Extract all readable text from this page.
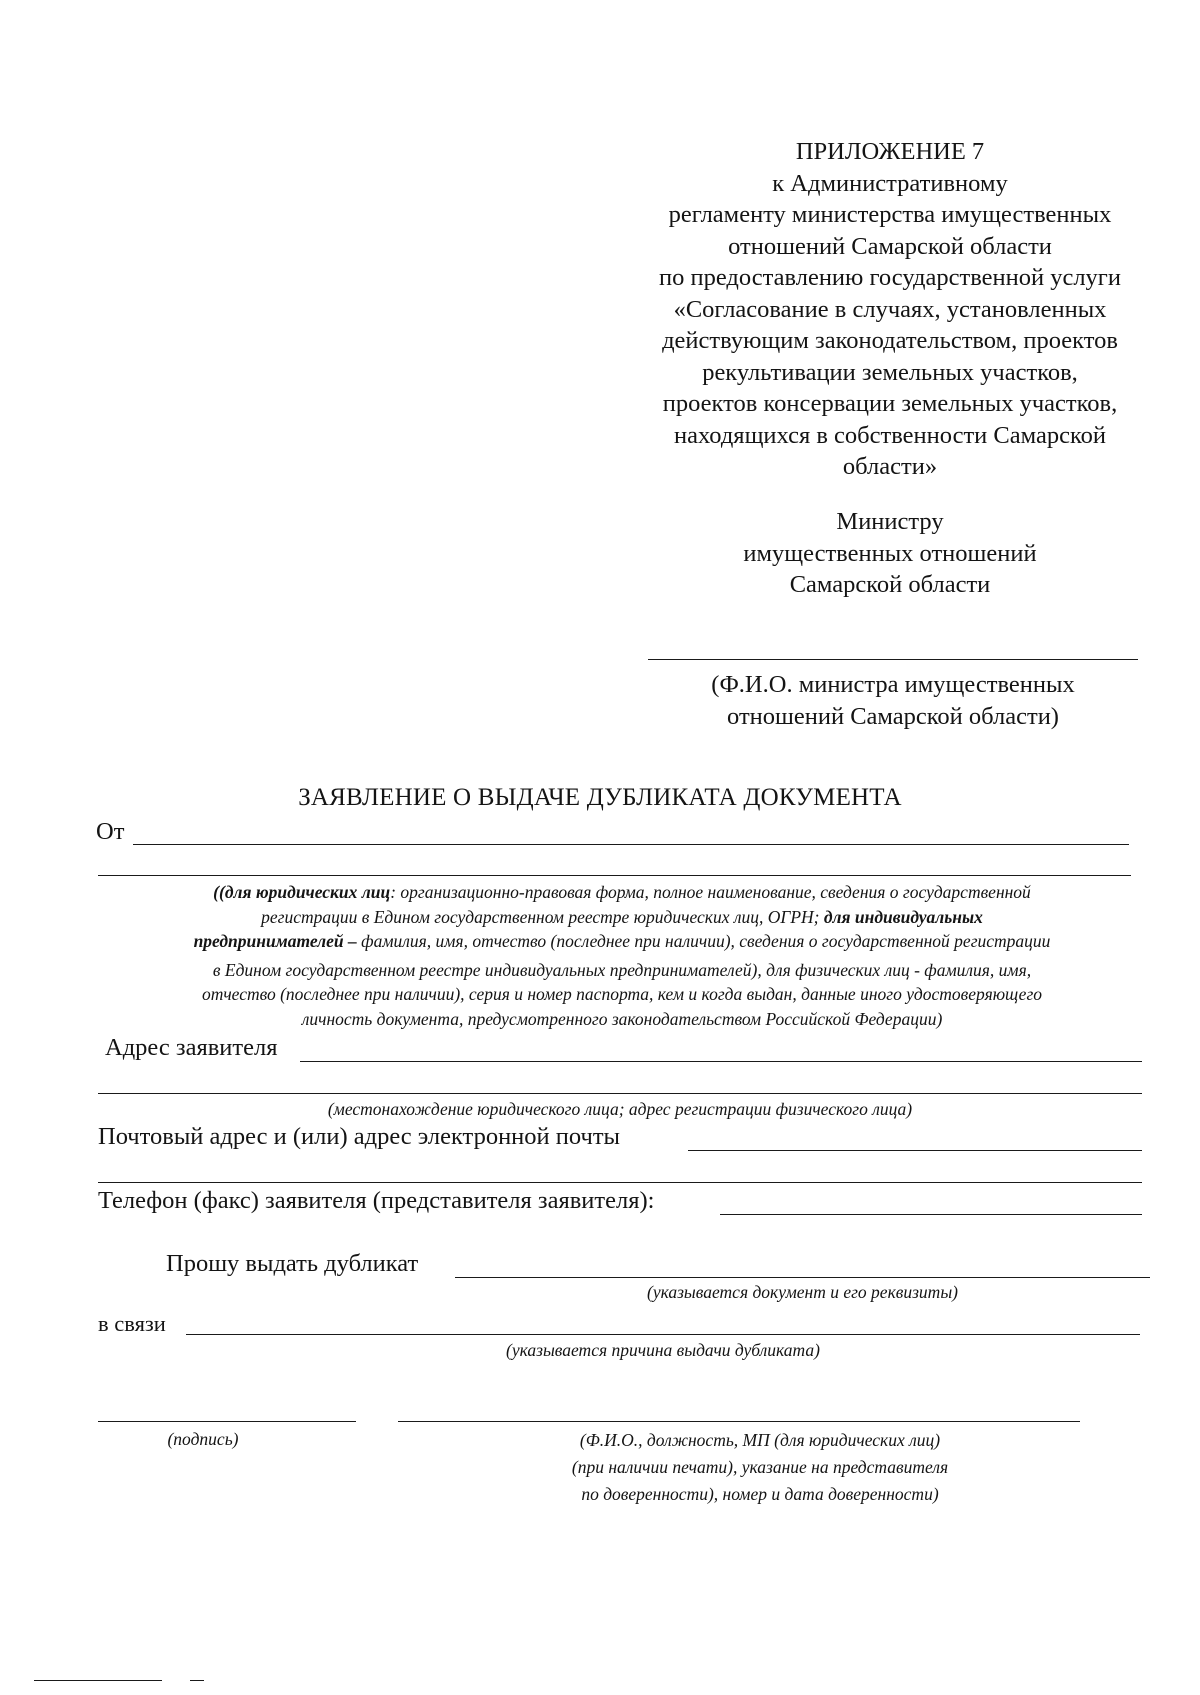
ПРИЛОЖЕНИЕ 7
к Административному
регламенту министерства имущественных
отношений Самарской области
по предоставлению государственной услуги
«Согласование в случаях, установленных
действующим законодательством, проектов
рекультивации земельных участков,
проектов консервации земельных участков,
находящихся в собственности Самарской
области»
Министру
имущественных отношений
Самарской области
(Ф.И.О. министра имущественных
отношений Самарской области)
ЗАЯВЛЕНИЕ О ВЫДАЧЕ ДУБЛИКАТА ДОКУМЕНТА
От
((для юридических лиц: организационно-правовая форма, полное наименование, сведения о государственной
регистрации в Едином государственном реестре юридических лиц, ОГРН; для индивидуальных
предпринимателей – фамилия, имя, отчество (последнее при наличии), сведения о государственной регистрации
в Едином государственном реестре индивидуальных предпринимателей), для физических лиц - фамилия, имя,
отчество (последнее при наличии), серия и номер паспорта, кем и когда выдан, данные иного удостоверяющего
личность документа, предусмотренного законодательством Российской Федерации)
Адрес заявителя
(местонахождение юридического лица; адрес регистрации физического лица)
Почтовый адрес и (или) адрес электронной почты
Телефон (факс) заявителя (представителя заявителя):
Прошу выдать дубликат
(указывается документ и его реквизиты)
в связи
(указывается причина выдачи дубликата)
(подпись)	(Ф.И.О., должность, МП (для юридических лиц)
(при наличии печати), указание на представителя
по доверенности), номер и дата доверенности)
